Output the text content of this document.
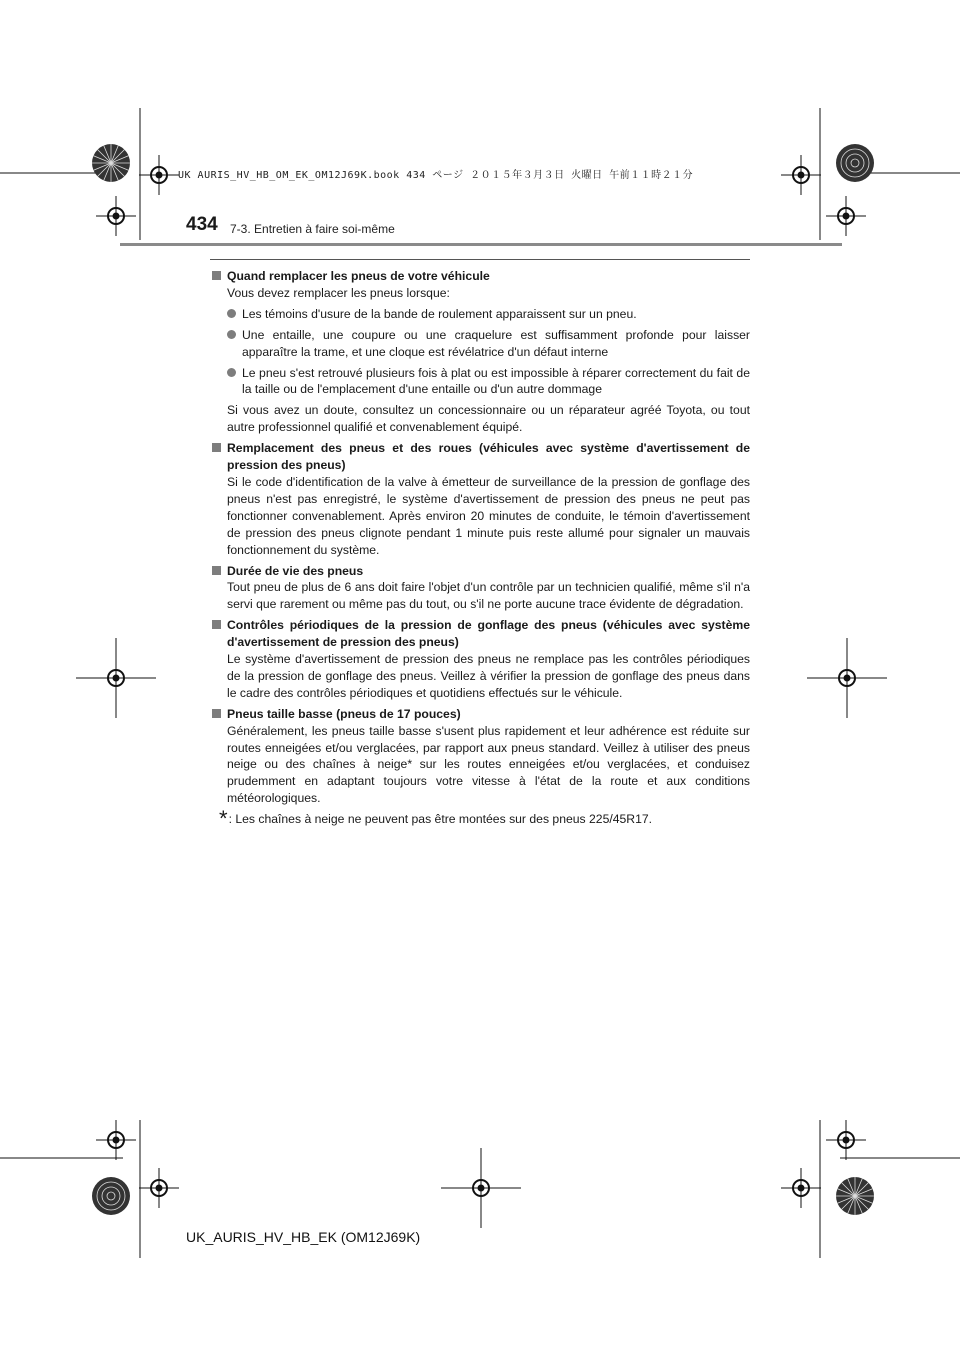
UK AURIS_HV_HB_OM_EK_OM12J69K.book 434 ページ ２０１５年３月３日 火曜日 午前１１時２１分
434 7-3. Entretien à faire soi-même
Quand remplacer les pneus de votre véhicule
Vous devez remplacer les pneus lorsque:
Les témoins d'usure de la bande de roulement apparaissent sur un pneu.
Une entaille, une coupure ou une craquelure est suffisamment profonde pour laisser apparaître la trame, et une cloque est révélatrice d'un défaut interne
Le pneu s'est retrouvé plusieurs fois à plat ou est impossible à réparer correctement du fait de la taille ou de l'emplacement d'une entaille ou d'un autre dommage
Si vous avez un doute, consultez un concessionnaire ou un réparateur agréé Toyota, ou tout autre professionnel qualifié et convenablement équipé.
Remplacement des pneus et des roues (véhicules avec système d'avertissement de pression des pneus)
Si le code d'identification de la valve à émetteur de surveillance de la pression de gonflage des pneus n'est pas enregistré, le système d'avertissement de pression des pneus ne peut pas fonctionner convenablement. Après environ 20 minutes de conduite, le témoin d'avertissement de pression des pneus clignote pendant 1 minute puis reste allumé pour signaler un mauvais fonctionnement du système.
Durée de vie des pneus
Tout pneu de plus de 6 ans doit faire l'objet d'un contrôle par un technicien qualifié, même s'il n'a servi que rarement ou même pas du tout, ou s'il ne porte aucune trace évidente de dégradation.
Contrôles périodiques de la pression de gonflage des pneus (véhicules avec système d'avertissement de pression des pneus)
Le système d'avertissement de pression des pneus ne remplace pas les contrôles périodiques de la pression de gonflage des pneus. Veillez à vérifier la pression de gonflage des pneus dans le cadre des contrôles périodiques et quotidiens effectués sur le véhicule.
Pneus taille basse (pneus de 17 pouces)
Généralement, les pneus taille basse s'usent plus rapidement et leur adhérence est réduite sur routes enneigées et/ou verglacées, par rapport aux pneus standard. Veillez à utiliser des pneus neige ou des chaînes à neige* sur les routes enneigées et/ou verglacées, et conduisez prudemment en adaptant toujours votre vitesse à l'état de la route et aux conditions météorologiques.
* : Les chaînes à neige ne peuvent pas être montées sur des pneus 225/45R17.
UK_AURIS_HV_HB_EK (OM12J69K)
